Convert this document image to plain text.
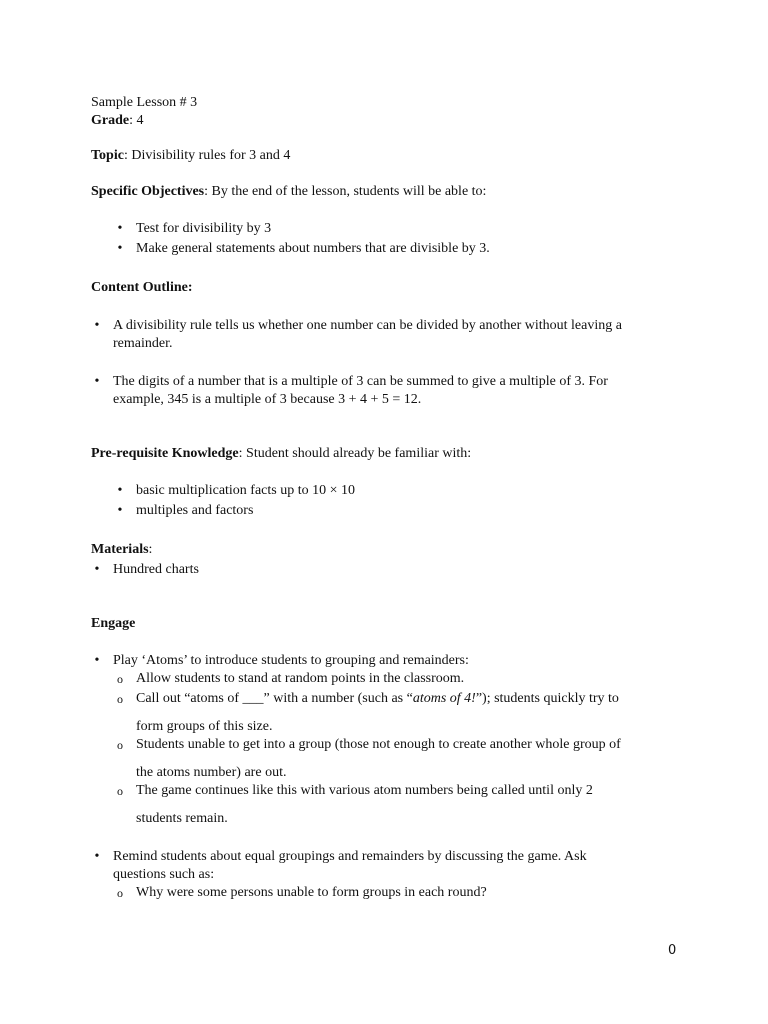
Sample Lesson # 3
Grade: 4
Topic: Divisibility rules for 3 and 4
Specific Objectives: By the end of the lesson, students will be able to:
• Test for divisibility by 3
• Make general statements about numbers that are divisible by 3.
Content Outline:
• A divisibility rule tells us whether one number can be divided by another without leaving a
remainder.
• The digits of a number that is a multiple of 3 can be summed to give a multiple of 3. For
example, 345 is a multiple of 3 because 3 + 4 + 5 = 12.
Pre-requisite Knowledge: Student should already be familiar with:
• basic multiplication facts up to 10 × 10
• multiples and factors
Materials:
• Hundred charts
Engage
• Play ‘Atoms’ to introduce students to grouping and remainders:
o Allow students to stand at random points in the classroom.
o Call out “atoms of ___” with a number (such as “atoms of 4!”); students quickly try to
form groups of this size.
o Students unable to get into a group (those not enough to create another whole group of
the atoms number) are out.
o The game continues like this with various atom numbers being called until only 2
students remain.
• Remind students about equal groupings and remainders by discussing the game. Ask
questions such as:
o Why were some persons unable to form groups in each round?
0
